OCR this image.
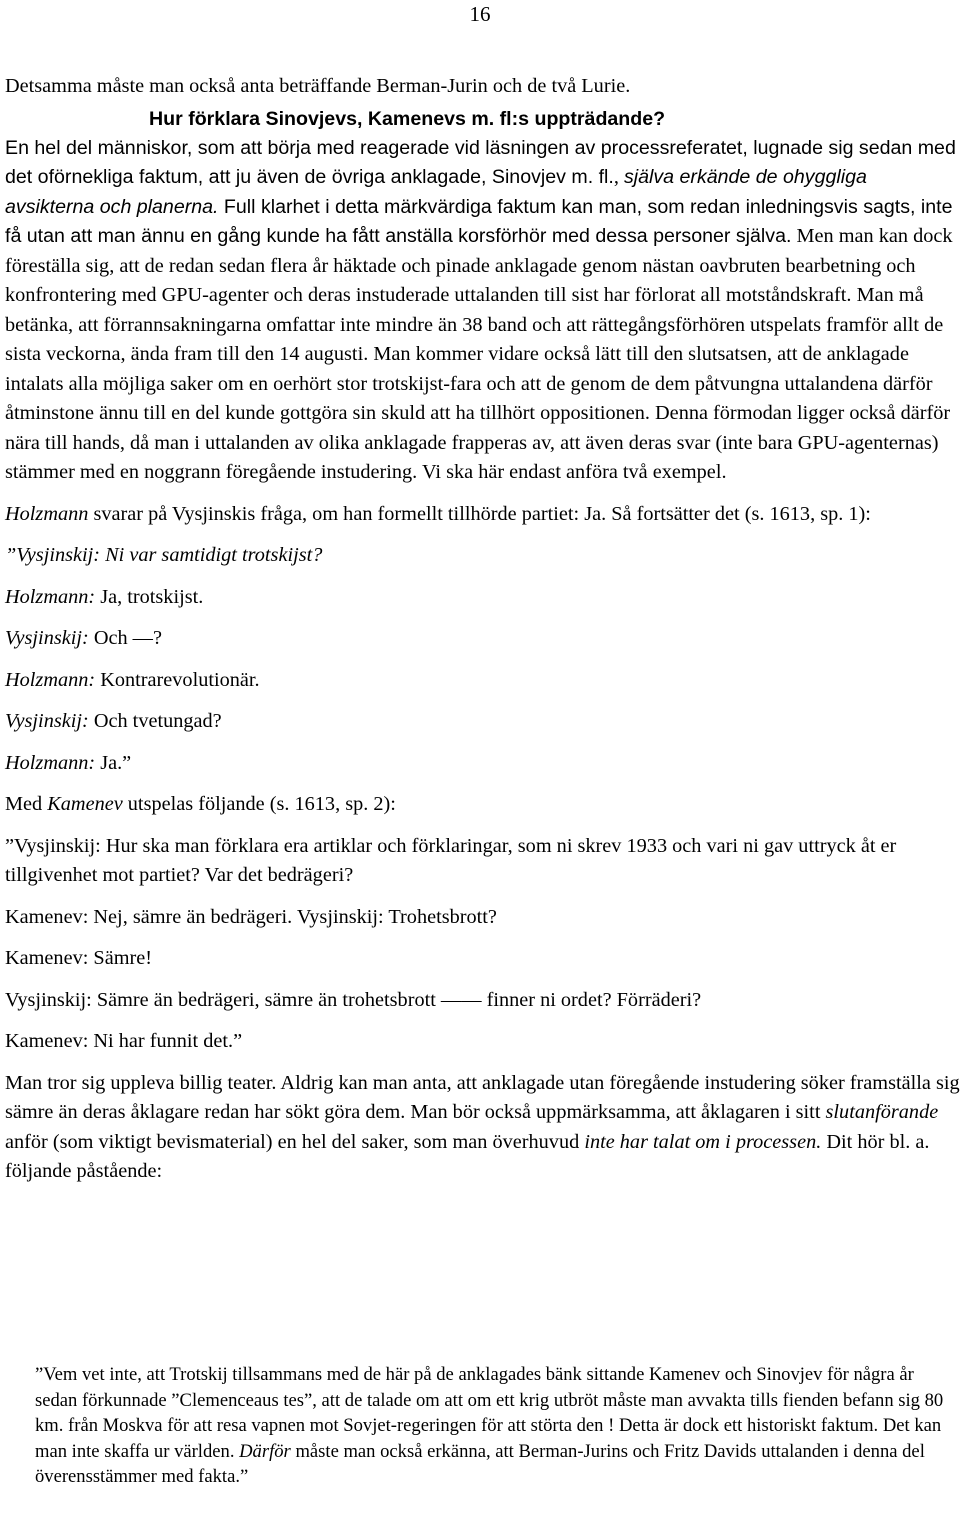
16

Detsamma måste man också anta beträffande Berman-Jurin och de två Lurie.

Hur förklara Sinovjevs, Kamenevs m. fl:s uppträdande?

En hel del människor, som att börja med reagerade vid läsningen av processreferatet, lugnade sig sedan med det oförnekliga faktum, att ju även de övriga anklagade, Sinovjev m. fl., själva erkände de ohyggliga avsikterna och planerna. Full klarhet i detta märkvärdiga faktum kan man, som redan inledningsvis sagts, inte få utan att man ännu en gång kunde ha fått anställa korsförhör med dessa personer själva. Men man kan dock föreställa sig, att de redan sedan flera år häktade och pinade anklagade genom nästan oavbruten bearbetning och konfrontering med GPU-agenter och deras instuderade uttalanden till sist har förlorat all motståndskraft. Man må betänka, att förrannsakningarna omfattar inte mindre än 38 band och att rättegångsförhören utspelats framför allt de sista veckorna, ända fram till den 14 augusti. Man kommer vidare också lätt till den slutsatsen, att de anklagade intalats alla möjliga saker om en oerhört stor trotskijst-fara och att de genom de dem påtvungna uttalandena därför åtminstone ännu till en del kunde gottgöra sin skuld att ha tillhört oppositionen. Denna förmodan ligger också därför nära till hands, då man i uttalanden av olika anklagade frapperas av, att även deras svar (inte bara GPU-agenternas) stämmer med en noggrann föregående instudering. Vi ska här endast anföra två exempel.

Holzmann svarar på Vysjinskis fråga, om han formellt tillhörde partiet: Ja. Så fortsätter det (s. 1613, sp. 1):

”Vysjinskij: Ni var samtidigt trotskijst?

Holzmann: Ja, trotskijst.

Vysjinskij: Och —?

Holzmann: Kontrarevolutionär.

Vysjinskij: Och tvetungad?

Holzmann: Ja.”

Med Kamenev utspelas följande (s. 1613, sp. 2):

”Vysjinskij: Hur ska man förklara era artiklar och förklaringar, som ni skrev 1933 och vari ni gav uttryck åt er tillgivenhet mot partiet? Var det bedrägeri?

Kamenev: Nej, sämre än bedrägeri. Vysjinskij: Trohetsbrott?

Kamenev: Sämre!

Vysjinskij: Sämre än bedrägeri, sämre än trohetsbrott —— finner ni ordet? Förräderi?

Kamenev: Ni har funnit det.”

Man tror sig uppleva billig teater. Aldrig kan man anta, att anklagade utan föregående instudering söker framställa sig sämre än deras åklagare redan har sökt göra dem. Man bör också uppmärksamma, att åklagaren i sitt slutanförande anför (som viktigt bevismaterial) en hel del saker, som man överhuvud inte har talat om i processen. Dit hör bl. a. följande påstående:

”Vem vet inte, att Trotskij tillsammans med de här på de anklagades bänk sittande Kamenev och Sinovjev för några år sedan förkunnade ”Clemenceaus tes”, att de talade om att om ett krig utbröt måste man avvakta tills fienden befann sig 80 km. från Moskva för att resa vapnen mot Sovjet-regeringen för att störta den ! Detta är dock ett historiskt faktum. Det kan man inte skaffa ur världen. Därför måste man också erkänna, att Berman-Jurins och Fritz Davids uttalanden i denna del överensstämmer med fakta.”
